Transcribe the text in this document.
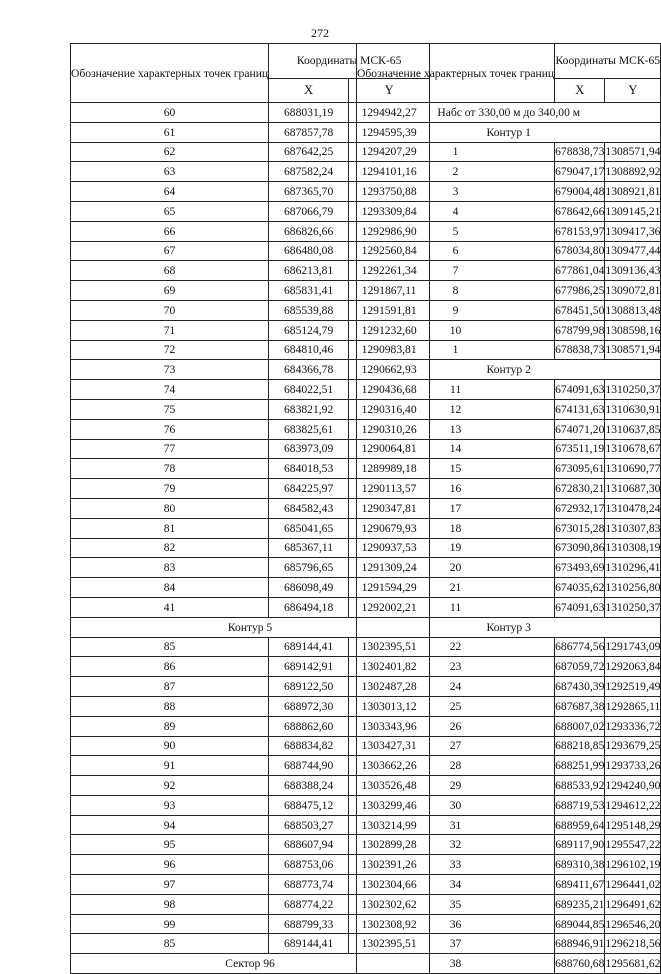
272
Обозначение характерных точек границ	Координаты МСК-65	
	X	Y
60	688031,19	1294942,27
61	687857,78	1294595,39
62	687642,25	1294207,29
63	687582,24	1294101,16
64	687365,70	1293750,88
65	687066,79	1293309,84
66	686826,66	1292986,90
67	686480,08	1292560,84
68	686213,81	1292261,34
69	685831,41	1291867,11
70	685539,88	1291591,81
71	685124,79	1291232,60
72	684810,46	1290983,81
73	684366,78	1290662,93
74	684022,51	1290436,68
75	683821,92	1290316,40
76	683825,61	1290310,26
77	683973,09	1290064,81
78	684018,53	1289989,18
79	684225,97	1290113,57
80	684582,43	1290347,81
81	685041,65	1290679,93
82	685367,11	1290937,53
83	685796,65	1291309,24
84	686098,49	1291594,29
41	686494,18	1292002,21
Контур 5		
85	689144,41	1302395,51
86	689142,91	1302401,82
87	689122,50	1302487,28
88	688972,30	1303013,12
89	688862,60	1303343,96
90	688834,82	1303427,31
91	688744,90	1303662,26
92	688388,24	1303526,48
93	688475,12	1303299,46
94	688503,27	1303214,99
95	688607,94	1302899,28
96	688753,06	1302391,26
97	688773,74	1302304,66
98	688774,22	1302302,62
99	688799,33	1302308,92
85	689144,41	1302395,51
Сектор 96		
Обозначение характерных точек границ	Координаты МСК-65	
	X	Y
Набс от 330,00 м до 340,00 м		
Контур 1		
1	678838,73	1308571,94
2	679047,17	1308892,92
3	679004,48	1308921,81
4	678642,66	1309145,21
5	678153,97	1309417,36
6	678034,80	1309477,44
7	677861,04	1309136,43
8	677986,25	1309072,81
9	678451,50	1308813,48
10	678799,98	1308598,16
1	678838,73	1308571,94
Контур 2		
11	674091,63	1310250,37
12	674131,63	1310630,91
13	674071,20	1310637,85
14	673511,19	1310678,67
15	673095,61	1310690,77
16	672830,21	1310687,30
17	672932,17	1310478,24
18	673015,28	1310307,83
19	673090,86	1310308,19
20	673493,69	1310296,41
21	674035,62	1310256,80
11	674091,63	1310250,37
Контур 3		
22	686774,56	1291743,09
23	687059,72	1292063,84
24	687430,39	1292519,49
25	687687,38	1292865,11
26	688007,02	1293336,72
27	688218,85	1293679,25
28	688251,99	1293733,26
29	688533,92	1294240,90
30	688719,53	1294612,22
31	688959,64	1295148,29
32	689117,90	1295547,22
33	689310,38	1296102,19
34	689411,67	1296441,02
35	689235,21	1296491,62
36	689044,85	1296546,20
37	688946,91	1296218,56
38	688760,68	1295681,62
